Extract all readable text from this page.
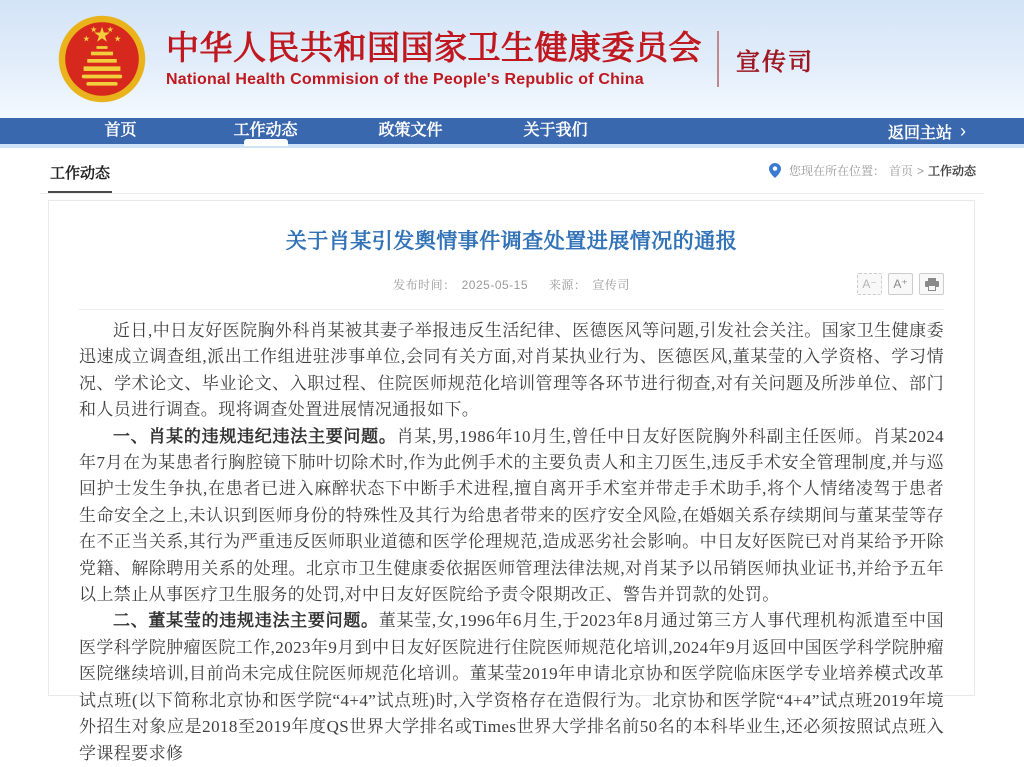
中华人民共和国国家卫生健康委员会
National Health Commision of the People's Republic of China
宣传司
首页	工作动态	政策文件	关于我们	返回主站 ›
工作动态	您现在所在位置： 首页 > 工作动态
关于肖某引发舆情事件调查处置进展情况的通报
发布时间： 2025-05-15 来源： 宣传司	A⁻	A⁺

近日,中日友好医院胸外科肖某被其妻子举报违反生活纪律、医德医风等问题,引发社会关注。国家卫生健康委迅速成立调查组,派出工作组进驻涉事单位,会同有关方面,对肖某执业行为、医德医风,董某莹的入学资格、学习情况、学术论文、毕业论文、入职过程、住院医师规范化培训管理等各环节进行彻查,对有关问题及所涉单位、部门和人员进行调查。现将调查处置进展情况通报如下。

一、肖某的违规违纪违法主要问题。肖某,男,1986年10月生,曾任中日友好医院胸外科副主任医师。肖某2024年7月在为某患者行胸腔镜下肺叶切除术时,作为此例手术的主要负责人和主刀医生,违反手术安全管理制度,并与巡回护士发生争执,在患者已进入麻醉状态下中断手术进程,擅自离开手术室并带走手术助手,将个人情绪凌驾于患者生命安全之上,未认识到医师身份的特殊性及其行为给患者带来的医疗安全风险,在婚姻关系存续期间与董某莹等存在不正当关系,其行为严重违反医师职业道德和医学伦理规范,造成恶劣社会影响。中日友好医院已对肖某给予开除党籍、解除聘用关系的处理。北京市卫生健康委依据医师管理法律法规,对肖某予以吊销医师执业证书,并给予五年以上禁止从事医疗卫生服务的处罚,对中日友好医院给予责令限期改正、警告并罚款的处罚。

二、董某莹的违规违法主要问题。董某莹,女,1996年6月生,于2023年8月通过第三方人事代理机构派遣至中国医学科学院肿瘤医院工作,2023年9月到中日友好医院进行住院医师规范化培训,2024年9月返回中国医学科学院肿瘤医院继续培训,目前尚未完成住院医师规范化培训。董某莹2019年申请北京协和医学院临床医学专业培养模式改革试点班(以下简称北京协和医学院“4+4”试点班)时,入学资格存在造假行为。北京协和医学院“4+4”试点班2019年境外招生对象应是2018至2019年度QS世界大学排名或Times世界大学排名前50名的本科毕业生,还必须按照试点班入学课程要求修
